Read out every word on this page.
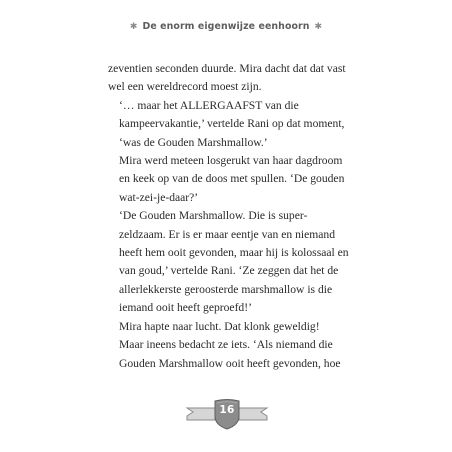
✱ De enorm eigenwijze eenhoorn ✱

zeventien seconden duurde. Mira dacht dat dat vast
wel een wereldrecord moest zijn.

‘… maar het ALLERGAAFST van die
kampeervakantie,’ vertelde Rani op dat moment,
‘was de Gouden Marshmallow.’

Mira werd meteen losgerukt van haar dagdroom
en keek op van de doos met spullen. ‘De gouden
wat-zei-je-daar?’

‘De Gouden Marshmallow. Die is super-
zeldzaam. Er is er maar eentje van en niemand
heeft hem ooit gevonden, maar hij is kolossaal en
van goud,’ vertelde Rani. ‘Ze zeggen dat het de
allerlekkerste geroosterde marshmallow is die
iemand ooit heeft geproefd!’

Mira hapte naar lucht. Dat klonk geweldig!
Maar ineens bedacht ze iets. ‘Als niemand die
Gouden Marshmallow ooit heeft gevonden, hoe

16
